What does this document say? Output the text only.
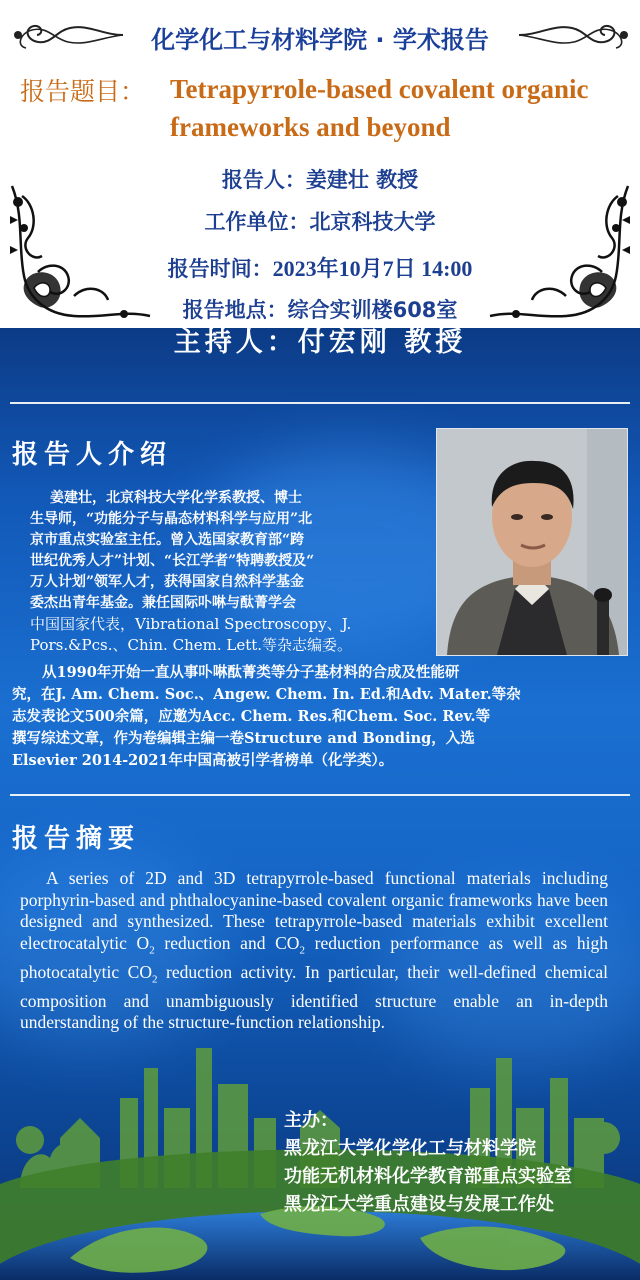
化学化工与材料学院 · 学术报告
报告题目： Tetrapyrrole-based covalent organic frameworks and beyond
报告人：姜建壮 教授
工作单位：北京科技大学
报告时间：2023年10月7日 14:00
报告地点：综合实训楼608室
主持人：付宏刚 教授
报告人介绍
姜建壮，北京科技大学化学系教授、博士
生导师，“功能分子与晶态材料科学与应用”北
京市重点实验室主任。曾入选国家教育部“跨
世纪优秀人才”计划、“长江学者”特聘教授及“
万人计划”领军人才，获得国家自然科学基金
委杰出青年基金。兼任国际卟啉与酞菁学会
中国国家代表，Vibrational Spectroscopy、J.
Pors.&Pcs.、Chin. Chem. Lett.等杂志编委。
从1990年开始一直从事卟啉酞菁类等分子基材料的合成及性能研
究，在J. Am. Chem. Soc.、Angew. Chem. In. Ed.和Adv. Mater.等杂
志发表论文500余篇，应邀为Acc. Chem. Res.和Chem. Soc. Rev.等
撰写综述文章，作为卷编辑主编一卷Structure and Bonding，入选
Elsevier 2014-2021年中国高被引学者榜单（化学类）。
报告摘要
A series of 2D and 3D tetrapyrrole-based functional materials including porphyrin-based and phthalocyanine-based covalent organic frameworks have been designed and synthesized. These tetrapyrrole-based materials exhibit excellent electrocatalytic $O_2$ reduction and $CO_2$ reduction performance as well as high photocatalytic $CO_2$ reduction activity. In particular, their well-defined chemical composition and unambiguously identified structure enable an in-depth understanding of the structure-function relationship.
主办：
黑龙江大学化学化工与材料学院
功能无机材料化学教育部重点实验室
黑龙江大学重点建设与发展工作处
